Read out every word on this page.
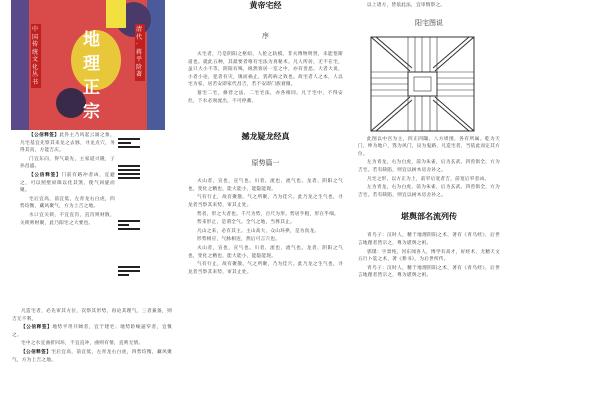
地理正宗
中国传统文化丛书
清代 · 蒋平阶 著

【公信释签】此卦主乃风起云涌之象，凡宅基宜先察其来龙之去脉，寻龙点穴，务得其真，方能吉庆。

门宜东向，得气最先，主家道兴隆，子孙昌盛。

【公信释签】门前有路冲者凶，宜避之，可以照壁屏障以化其煞，使气回旋而聚。

宅后宜高，前宜低，左青龙右白虎，四势均衡，藏风聚气，方为上吉之地。

水口宜关锁，不宜直泻，直泻则财散，关锁则财聚，此乃阳宅之大要也。

凡造宅者，必先审其方位，次察其形势，再论其理气，三者兼备，则吉无不利。

【公信释签】地势平坦开阔者，宜于建宅；地势险峻逼窄者，宜慎之。

宅中之水宜曲折回环，不宜直冲，曲则有情，直则无情。

【公信释签】宅后宜高，前宜低，左青龙右白虎，四势均衡，藏风聚气，方为上吉之地。

黄帝宅经

序

夫宅者，乃是阴阳之枢纽，人伦之轨模。非夫博物明贤，未能悟斯道也。就此五种，其最要者唯有宅法为真秘术。凡人所居，无不在宅，虽只大小不等，阴阳有殊，纵然客居一室之中，亦有善恶。大者大说，小者小论，犯者有灾，镇而祸止，犹药病之效也。故宅者人之本，人以宅为家，居若安即家代昌吉，若不安即门族衰微。

墓宅二宅，修营之法，二宅宅法，亦各相同。凡于宅中，不得安灶，下水必须流出，不可停蓄。

撼龙疑龙经真

原势篇一

夫山者，宣也，宣气也。川者，流也，流气也。龙者，阴阳之气也，变化之精也，能大能小，能隐能现。

气有行止，故有聚散。气之所聚，乃为佳穴。此乃龙之生气也，寻龙者当察其来势，审其止处。

势者，形之大者也。千尺为势，百尺为形。势居乎粗，形在乎细。

势来形止，是谓全气。全气之地，当葬其止。

凡山之来，必有其主。主山高大，众山环拱，是为真龙。

形势相应，气脉相连，然后可言穴也。

夫山者，宣也，宣气也。川者，流也，流气也。龙者，阴阳之气也，变化之精也，能大能小，能隐能现。

气有行止，故有聚散。气之所聚，乃为佳穴。此乃龙之生气也，寻龙者当察其来势，审其止处。

以上诸方，皆依此法，宜审慎察之。

阳宅图说

此图以中宫为主，四正四隅，八方周围，各有所属。乾为天门，坤为地户，巽为风门，艮为鬼路，凡造宅者，当依此而定其方位。

左为青龙，右为白虎，前为朱雀，后为玄武。四兽俱全，方为吉宅。若有缺陷，则宜以树木房舍补之。

凡宅之形，以方正为上，前窄后宽者吉，前宽后窄者凶。

左为青龙，右为白虎，前为朱雀，后为玄武。四兽俱全，方为吉宅。若有缺陷，则宜以树木房舍补之。

堪舆部名流列传

青乌子：汉时人，精于地理阴阳之术，著有《青乌经》，后世言地理者皆宗之，尊为堪舆之祖。

郭璞：字景纯，河东闻喜人，博学有高才，好经术，尤精天文五行卜筮之术，著《葬书》，为后世所传。

青乌子：汉时人，精于地理阴阳之术，著有《青乌经》，后世言地理者皆宗之，尊为堪舆之祖。
